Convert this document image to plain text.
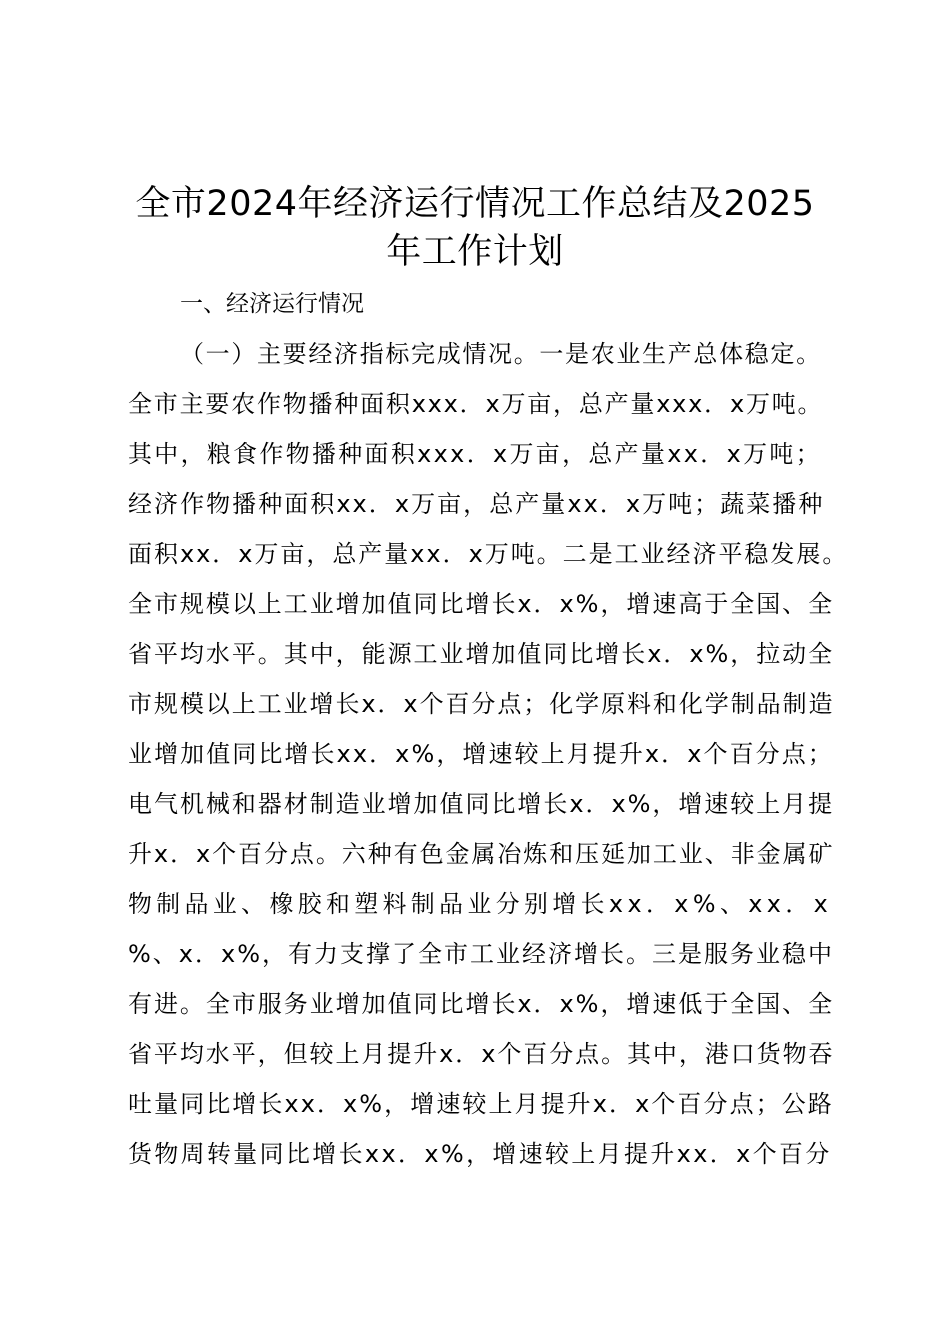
全市2024年经济运行情况工作总结及2025
年工作计划
一、经济运行情况
（一）主要经济指标完成情况。一是农业生产总体稳定。
全市主要农作物播种面积xxx．x万亩，总产量xxx．x万吨。
其中，粮食作物播种面积xxx．x万亩，总产量xx．x万吨；
经济作物播种面积xx．x万亩，总产量xx．x万吨；蔬菜播种
面积xx．x万亩，总产量xx．x万吨。二是工业经济平稳发展。
全市规模以上工业增加值同比增长x．x%，增速高于全国、全
省平均水平。其中，能源工业增加值同比增长x．x%，拉动全
市规模以上工业增长x．x个百分点；化学原料和化学制品制造
业增加值同比增长xx．x%，增速较上月提升x．x个百分点；
电气机械和器材制造业增加值同比增长x．x%，增速较上月提
升x．x个百分点。六种有色金属冶炼和压延加工业、非金属矿
物制品业、橡胶和塑料制品业分别增长xx．x%、xx．x
%、x．x%，有力支撑了全市工业经济增长。三是服务业稳中
有进。全市服务业增加值同比增长x．x%，增速低于全国、全
省平均水平，但较上月提升x．x个百分点。其中，港口货物吞
吐量同比增长xx．x%，增速较上月提升x．x个百分点；公路
货物周转量同比增长xx．x%，增速较上月提升xx．x个百分
